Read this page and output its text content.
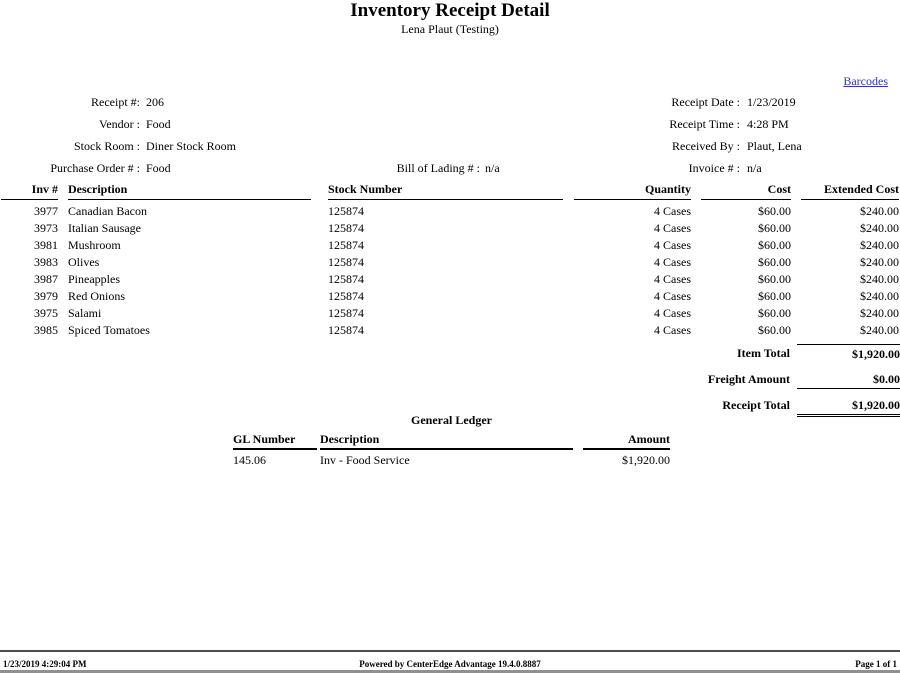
Inventory Receipt Detail
Lena Plaut (Testing)
Barcodes
Receipt #: 206
Vendor : Food
Stock Room : Diner Stock Room
Purchase Order # : Food
Receipt Date : 1/23/2019
Receipt Time : 4:28 PM
Received By : Plaut, Lena
Invoice # : n/a
Bill of Lading # : n/a
Inv # Description	Stock Number	Quantity	Cost	Extended Cost
3977 Canadian Bacon	125874	4 Cases	$60.00	$240.00
3973 Italian Sausage	125874	4 Cases	$60.00	$240.00
3981 Mushroom	125874	4 Cases	$60.00	$240.00
3983 Olives	125874	4 Cases	$60.00	$240.00
3987 Pineapples	125874	4 Cases	$60.00	$240.00
3979 Red Onions	125874	4 Cases	$60.00	$240.00
3975 Salami	125874	4 Cases	$60.00	$240.00
3985 Spiced Tomatoes	125874	4 Cases	$60.00	$240.00
Item Total	$1,920.00
Freight Amount	$0.00
Receipt Total	$1,920.00
General Ledger
GL Number	Description	Amount
145.06	Inv - Food Service	$1,920.00
1/23/2019 4:29:04 PM	Powered by CenterEdge Advantage 19.4.0.8887	Page 1 of 1
